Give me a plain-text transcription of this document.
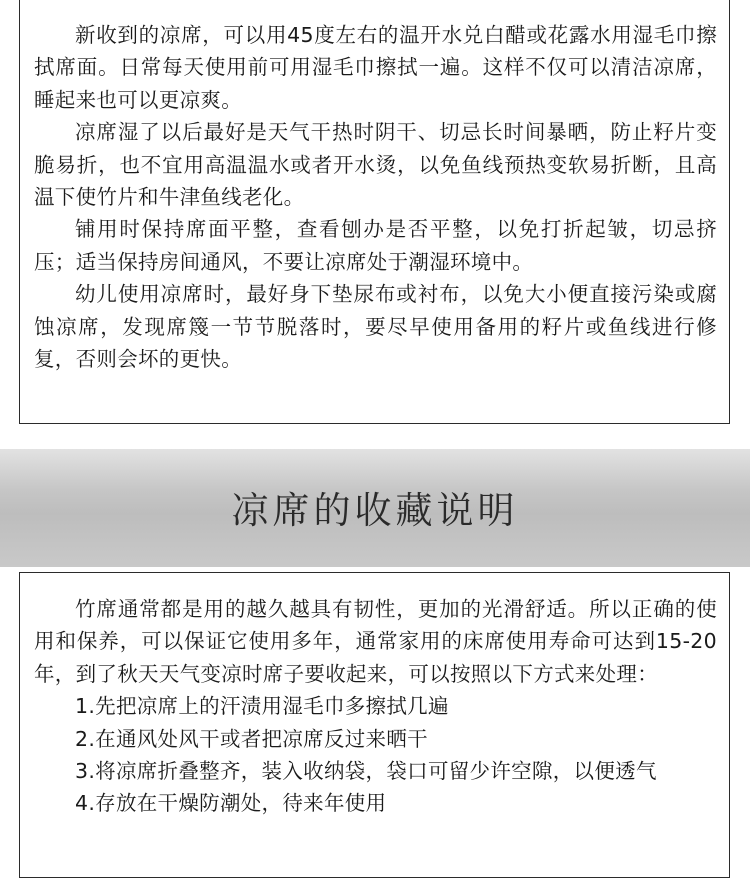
新收到的凉席，可以用45度左右的温开水兑白醋或花露水用湿毛巾擦拭席面。日常每天使用前可用湿毛巾擦拭一遍。这样不仅可以清洁凉席，睡起来也可以更凉爽。

凉席湿了以后最好是天气干热时阴干、切忌长时间暴晒，防止籽片变脆易折，也不宜用高温温水或者开水烫，以免鱼线预热变软易折断，且高温下使竹片和牛津鱼线老化。

铺用时保持席面平整，查看刨办是否平整，以免打折起皱，切忌挤压；适当保持房间通风，不要让凉席处于潮湿环境中。

幼儿使用凉席时，最好身下垫尿布或衬布，以免大小便直接污染或腐蚀凉席，发现席篾一节节脱落时，要尽早使用备用的籽片或鱼线进行修复，否则会坏的更快。

凉席的收藏说明

竹席通常都是用的越久越具有韧性，更加的光滑舒适。所以正确的使用和保养，可以保证它使用多年，通常家用的床席使用寿命可达到15-20年，到了秋天天气变凉时席子要收起来，可以按照以下方式来处理：

1.先把凉席上的汗渍用湿毛巾多擦拭几遍
2.在通风处风干或者把凉席反过来晒干
3.将凉席折叠整齐，装入收纳袋，袋口可留少许空隙，以便透气
4.存放在干燥防潮处，待来年使用
